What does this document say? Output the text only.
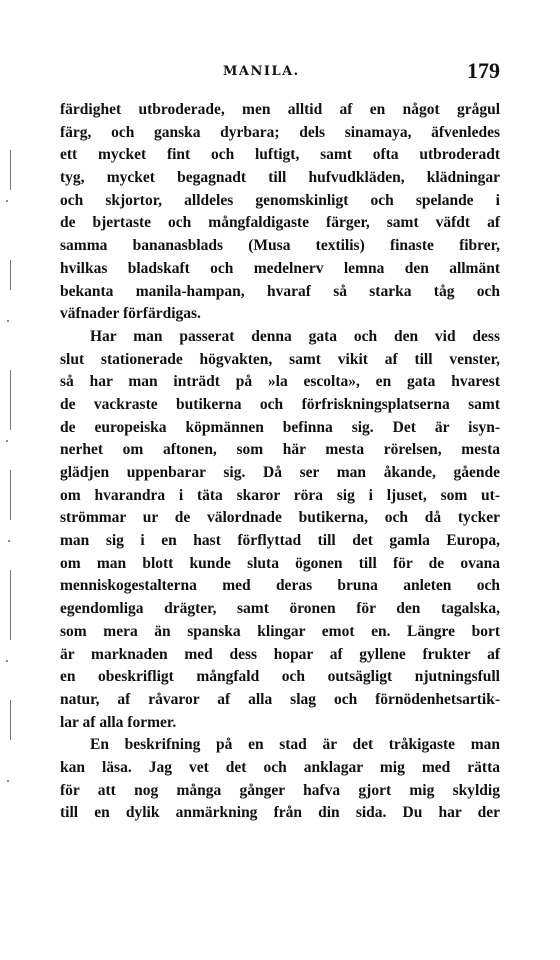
MANILA.	179
färdighet utbroderade, men alltid af en något grågul
färg, och ganska dyrbara; dels sinamaya, äfvenledes
ett mycket fint och luftigt, samt ofta utbroderadt
tyg, mycket begagnadt till hufvudkläden, klädningar
och skjortor, alldeles genomskinligt och spelande i
de bjertaste och mångfaldigaste färger, samt väfdt af
samma bananasblads (Musa textilis) finaste fibrer,
hvilkas bladskaft och medelnerv lemna den allmänt
bekanta manila-hampan, hvaraf så starka tåg och
väfnader förfärdigas.
Har man passerat denna gata och den vid dess
slut stationerade högvakten, samt vikit af till venster,
så har man inträdt på »la escolta», en gata hvarest
de vackraste butikerna och förfriskningsplatserna samt
de europeiska köpmännen befinna sig. Det är isyn-
nerhet om aftonen, som här mesta rörelsen, mesta
glädjen uppenbarar sig. Då ser man åkande, gående
om hvarandra i täta skaror röra sig i ljuset, som ut-
strömmar ur de välordnade butikerna, och då tycker
man sig i en hast förflyttad till det gamla Europa,
om man blott kunde sluta ögonen till för de ovana
menniskogestalterna med deras bruna anleten och
egendomliga drägter, samt öronen för den tagalska,
som mera än spanska klingar emot en. Längre bort
är marknaden med dess hopar af gyllene frukter af
en obeskrifligt mångfald och outsägligt njutningsfull
natur, af råvaror af alla slag och förnödenhetsartik-
lar af alla former.
En beskrifning på en stad är det tråkigaste man
kan läsa. Jag vet det och anklagar mig med rätta
för att nog många gånger hafva gjort mig skyldig
till en dylik anmärkning från din sida. Du har der
